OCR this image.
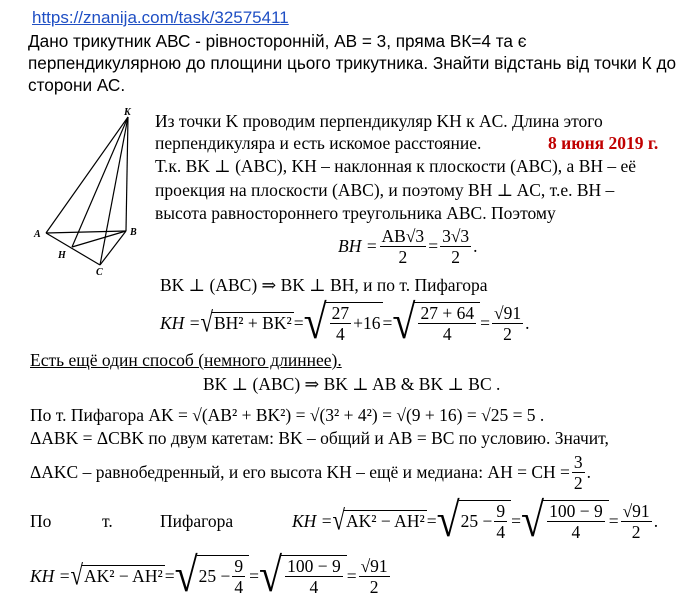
https://znanija.com/task/32575411
Дано трикутник АВС - рівносторонній, АВ = 3, пряма ВК=4 та є перпендикулярною до площини цього трикутника. Знайти відстань від точки К до сторони АС.
K
A	B
H
C
Из точки K проводим перпендикуляр KH к AC. Длина этого
перпендикуляра и есть искомое расстояние.	8 июня 2019 г.
Т.к. BK ⊥ (ABC), KH – наклонная к плоскости (ABC), а BH – её
проекция на плоскости (ABC), и поэтому BH ⊥ AC, т.е. BH –
высота равностороннего треугольника ABC. Поэтому
BH = $\frac{AB√3}{2} = \frac{3√3}{2}$ .
BK ⊥ (ABC) ⇒ BK ⊥ BH, и по т. Пифагора
KH = √ BH² + BK² = √ 27
4
+16 = √ 27 + 64
4
= $\frac{√91}{2}$ .
Есть ещё один способ (немного длиннее).
BK ⊥ (ABC) ⇒ BK ⊥ AB & BK ⊥ BC .
По т. Пифагора AK = √(AB² + BK²) = √(3² + 4²) = √(9 + 16) = √25 = 5 .
ΔABK = ΔCBK по двум катетам: BK – общий и AB = BC по условию. Значит,
ΔAKC – равнобедренный, и его высота KH – ещё и медиана: AH = CH = $\frac{3}{2}$ .
По	т.	Пифагора	KH = √ AK² − AH² = √ $25 - \frac{9}{4}$ = √ 100 − 9
4
= $\frac{√91}{2}$ .
KH = √ AK² − AH² = √ $25 - \frac{9}{4}$ = √ 100 − 9
4
= $\frac{√91}{2}$
